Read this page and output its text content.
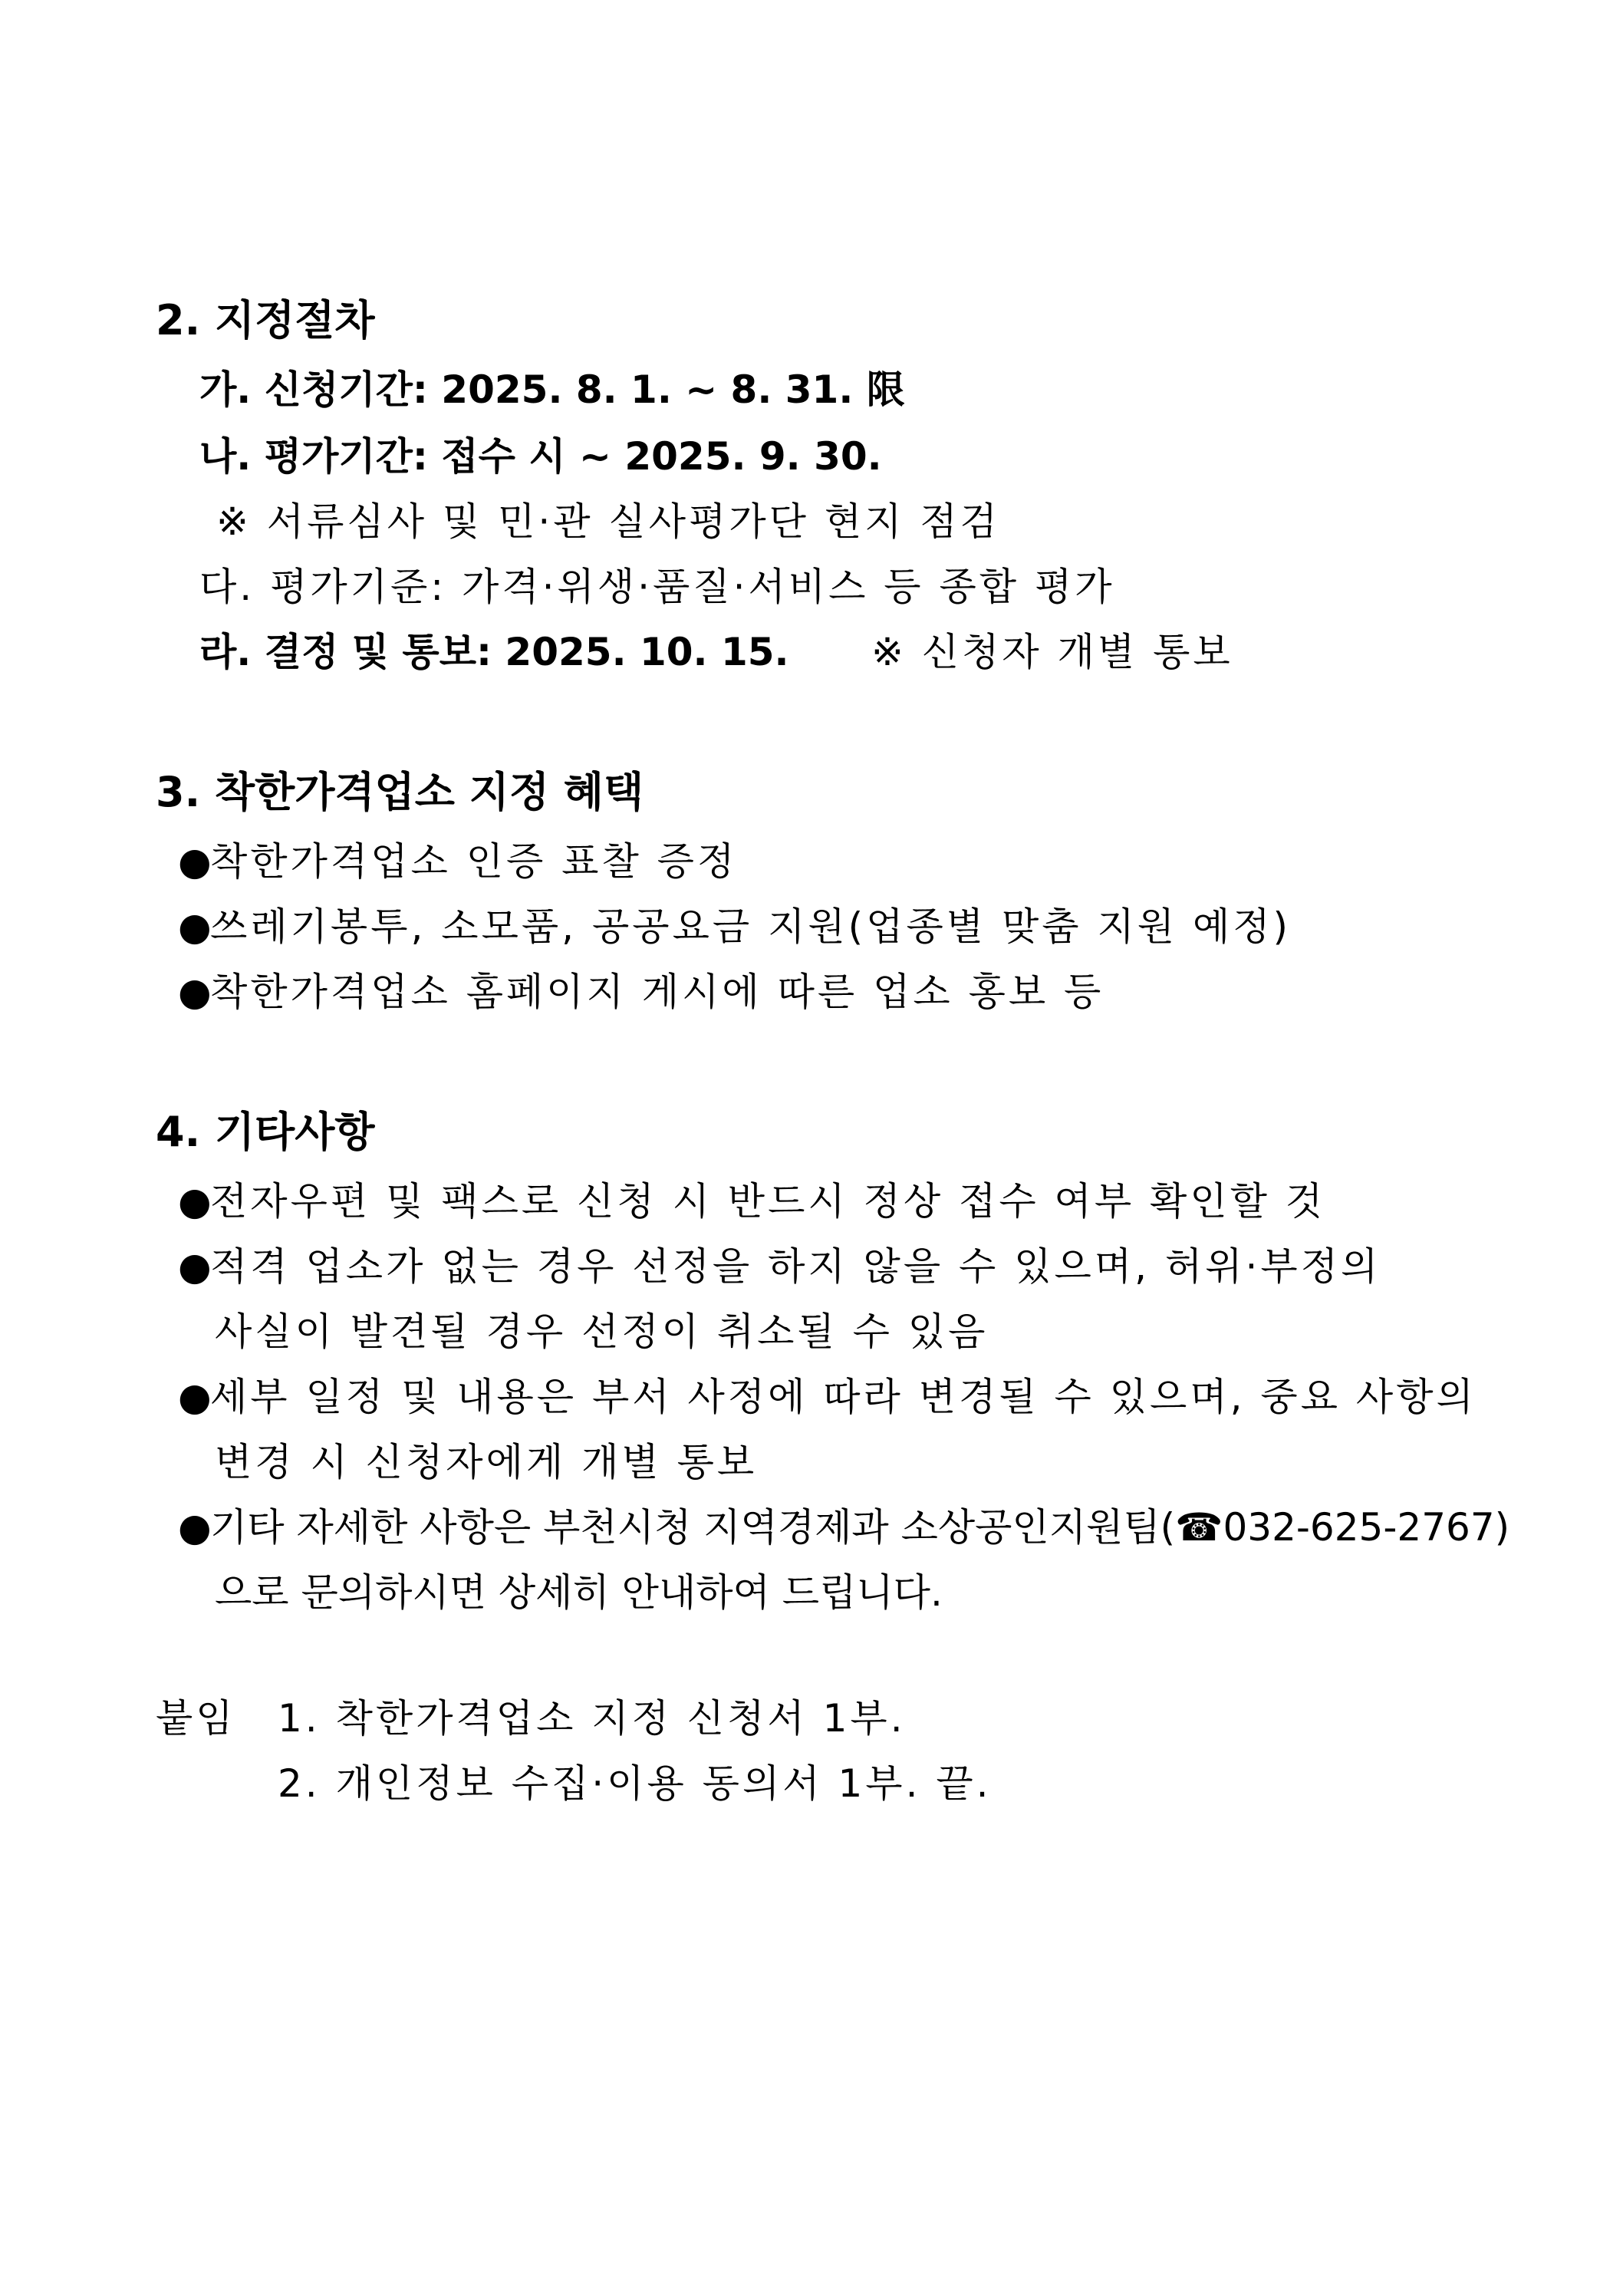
2. 지정절차
가. 신청기간: 2025. 8. 1. ~ 8. 31. 限
나. 평가기간: 접수 시 ~ 2025. 9. 30.
※ 서류심사 및 민·관 실사평가단 현지 점검
다. 평가기준: 가격·위생·품질·서비스 등 종합 평가
라. 결정 및 통보: 2025. 10. 15. ※ 신청자 개별 통보
3. 착한가격업소 지정 혜택
●착한가격업소 인증 표찰 증정
●쓰레기봉투, 소모품, 공공요금 지원(업종별 맞춤 지원 예정)
●착한가격업소 홈페이지 게시에 따른 업소 홍보 등
4. 기타사항
●전자우편 및 팩스로 신청 시 반드시 정상 접수 여부 확인할 것
●적격 업소가 없는 경우 선정을 하지 않을 수 있으며, 허위·부정의
사실이 발견될 경우 선정이 취소될 수 있음
●세부 일정 및 내용은 부서 사정에 따라 변경될 수 있으며, 중요 사항의
변경 시 신청자에게 개별 통보
●기타 자세한 사항은 부천시청 지역경제과 소상공인지원팀(☎032-625-2767)
으로 문의하시면 상세히 안내하여 드립니다.
붙임 1. 착한가격업소 지정 신청서 1부.
2. 개인정보 수집·이용 동의서 1부. 끝.
